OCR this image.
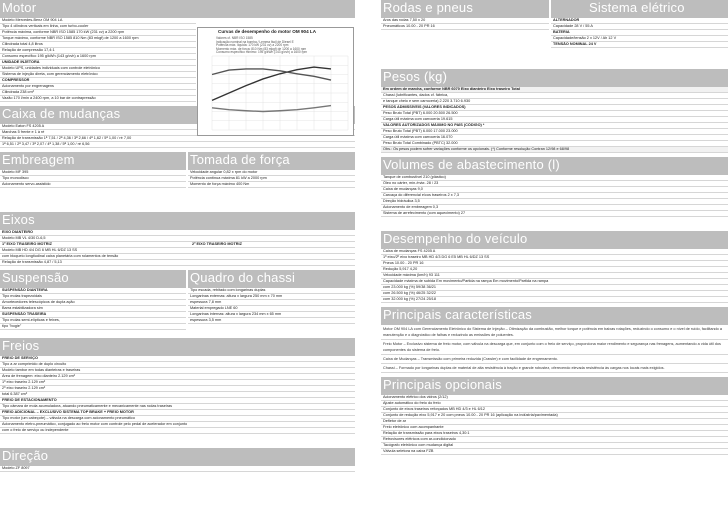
Motor
Modelo Mercedes-Benz OM 904 LA
Tipo 4 cilindros verticais em linha, com turbo-cooler
Potência máxima, conforme NBR ISO 1585 170 kW (231 cv) a 2200 rpm
Torque máximo, conforme NBR ISO 1585 810 Nm (83 mkgf) de 1200 a 1600 rpm
Cilindrada total 4,8 litros
Relação de compressão 17,4:1
Consumo específico 195 g/kWh (143 g/cvh) a 1600 rpm
UNIDADE INJETORA
Modelo UPS, unidades individuais com controle eletrônico
Sistema de injeção direta, com gerenciamento eletrônico
COMPRESSOR
Acionamento por engrenagens
Cilindrada 238 cm³
Vazão 170 l/min a 2400 rpm, a 10 bar de contrapressão
Caixa de mudanças
Modelo Eaton FS 4205 A
Marchas 5 frente e 1 à ré
Relação de transmissão 1ª 7,51 / 2ª 4,36 / 3ª 2,66 / 4ª 1,62 / 5ª 1,00 / ré 7,00
1ª 6,51 / 2ª 3,47 / 3ª 2,07 / 4ª 1,38 / 5ª 1,00 / ré 6,56
Embreagem	Tomada de força
Modelo MF 395
Tipo monodisco
Acionamento servo-assistido
Velocidade angular 0,82 x rpm do motor
Potência contínua máxima 81 kW a 2000 rpm
Momento de força máximo 400 Nm
Eixos
EIXO DIANTEIRO
Modelo MB VL 4/30 D-6,5
1º EIXO TRASEIRO MOTRIZ	2º EIXO TRASEIRO MOTRIZ
Modelo MB HD 4/4 DG 6 MB HL 6/DZ 13 SS
com bloqueio longitudinal caixa planetária com rolamentos de tensão
Relação de transmissão 4,87 / 5,13
Suspensão	Quadro do chassi
SUSPENSÃO DIANTEIRA
Tipo molas trapezoidais
Amortecedores telescópicos de dupla ação
Barra estabilizadora sim
SUSPENSÃO TRASEIRA
Tipo molas semi-elípticas e feixes,
tipo "bogie"
Tipo escada, rebitado com longarinas duplas
Longarinas externas: altura x largura 250 mm x 70 mm
espessura 7,8 mm
Material empregado LNE 60
Longarinas internas: altura x largura 234 mm x 65 mm
espessura 3,5 mm
Freios
FREIO DE SERVIÇO
Tipo a ar comprimido de duplo circuito
Modelo tambor em todas dianteiras e traseiras
Área de frenagem: eixo dianteiro 2.129 cm²
1º eixo traseiro 2.129 cm²
2º eixo traseiro 2.129 cm²
total 6.387 cm²
FREIO DE ESTACIONAMENTO
Tipo câmara de mola acumuladora, atuando pneumaticamente e mecanicamente nas rodas traseiras
FREIO ADICIONAL – EXCLUSIVO SISTEMA TOP BRAKE + FREIO MOTOR
Tipo motor (um cabeçote) – válvula na descarga com acionamento pneumático
Acionamento eletro-pneumático, conjugado ao freio motor com controle pelo pedal de acelerador em conjunto
com o freio de serviço ou independente
Direção
Modelo ZF 8097
Curvas de desempenho do motor OM 904 LA
Valores cf. NBR ISO 1585
Indicação nominal na bomba / Lemma fácil de Diesel E
Potência máx. líquida: 170 kW (231 cv) a 2200 rpm
Momento máx. de força: 810 Nm (83 mkgf) de 1200 a 1600 rpm
Consumo específico mínimo: 195 g/kWh (143 g/cvh) a 1600 rpm
Rodas e pneus	Sistema elétrico
Aros das rodas 7,50 x 20
Pneumáticos 10.00 - 20 PR 16
ALTERNADOR
Capacidade 28 V / 55 A
BATERIA
Capacidade/tensão 2 x 12V / Ah 12 V
TENSÃO NOMINAL 24 V
Pesos (kg)
Em ordem de marcha, conforme NBR 6070 Eixo dianteiro Eixo traseiro Total
Chassi (lubrificantes, dados cf. fábrica,
e tanque cheio e sem carroceria) 2.220 3.710 6.930
PESOS ADMISSÍVEIS (VALORES INDICADOS)
Peso Bruto Total (PBT) 6.000 20.500 26.500
Carga útil máxima com carroceria 19.615
VALORES AUTORIZADOS MÁXIMO NO PAÍS (CÓDIGO) *
Peso Bruto Total (PBT) 6.000 17.000 23.000
Carga útil máxima com carroceria 16.070
Peso Bruto Total Combinado (PBTC) 32.000
Obs.: Os pesos podem sofrer variações conforme os opcionais. (*) Conforme resolução Contran 12/98 e 68/98
Volumes de abastecimento (l)
Tanque de combustível 210 (plástico)
Óleo no cárter, mín./máx. 28 / 23
Caixa de mudanças 9,0
Carcaça do diferencial e/cos traseiros 2 x 7,3
Direção hidráulica 3,5
Acionamento de embreagem 0,3
Sistema de arrefecimento (com aquecimento) 27
Desempenho do veículo
Caixa de mudanças FS 4205 A
1º eixo/2º eixo traseiro MB HD 4/3 DG 6 E5 MB HL 6/DZ 13 SS
Pneus 10.00 - 20 PR 16
Redução 5,917 4,20
Velocidade máxima (km/h) 93 111
Capacidade máxima de subida Em movimento/Partida na rampa Em movimento/Partida na rampa
com 23.000 kg (%) 59/38 36/21
com 26.500 kg (%) 46/25 32/22
com 32.000 kg (%) 27/24 25/18
Principais características
Motor OM 904 LA com Gerenciamento Eletrônico do Sistema de Injeção – Otimização da combustão, melhor torque e potência em baixas rotações, reduzindo o consumo e o nível de ruído, facilitando a manutenção e o diagnóstico de falhas e reduzindo as emissões de poluentes.
Freio Motor – Exclusivo sistema de freio motor, com válvula na descarga que, em conjunto com o freio de serviço, proporciona maior rendimento e segurança nas frenagens, aumentando a vida útil dos componentes do sistema de freio.
Caixa de Mudanças – Transmissão com primeira reduzida (Crawler) e com facilidade de engrenamento.
Chassi – Formado por longarinas duplas de material de alta resistência à tração e grande robustez, oferecendo elevada resistência às cargas nos locais mais exigidos.
Principais opcionais
Acionamento elétrico dos vidros (2/12)
Ajuste automático do freio do freio
Conjunto de eixos traseiros reforçados MB HD 4/3 e HL 6/12
Conjunto de redução eixo 5,917 e 20 com pneus 10.00 - 20 PR 16 (aplicação na indústria/pavimentada)
Defletor de ar
Freio eletrônico com acompanhante
Relação de transmissão para eixos traseiros 4,30:1
Retrovisores elétricos com ar-condicionado
Tacógrafo eletrônico com mudança digital
Válvula seletora na caixa FZB
